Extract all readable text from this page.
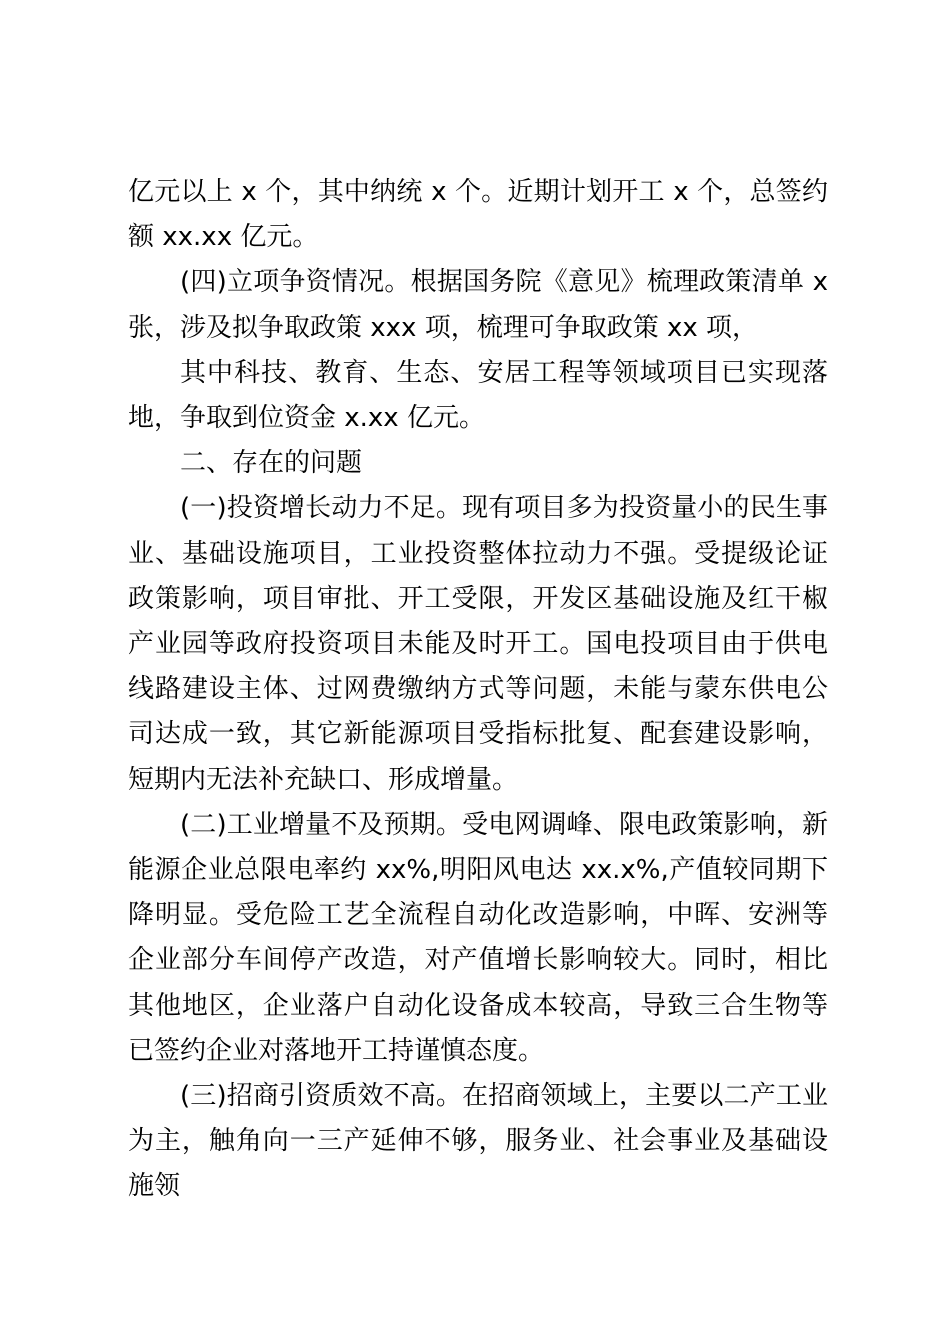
亿元以上 x 个，其中纳统 x 个。近期计划开工 x 个，总签约额 xx.xx 亿元。

(四)立项争资情况。根据国务院《意见》梳理政策清单 x 张，涉及拟争取政策 xxx 项，梳理可争取政策 xx 项，

其中科技、教育、生态、安居工程等领域项目已实现落地，争取到位资金 x.xx 亿元。

二、存在的问题

(一)投资增长动力不足。现有项目多为投资量小的民生事业、基础设施项目，工业投资整体拉动力不强。受提级论证政策影响，项目审批、开工受限，开发区基础设施及红干椒产业园等政府投资项目未能及时开工。国电投项目由于供电线路建设主体、过网费缴纳方式等问题，未能与蒙东供电公司达成一致，其它新能源项目受指标批复、配套建设影响，短期内无法补充缺口、形成增量。

(二)工业增量不及预期。受电网调峰、限电政策影响，新能源企业总限电率约 xx%,明阳风电达 xx.x%,产值较同期下降明显。受危险工艺全流程自动化改造影响，中晖、安洲等企业部分车间停产改造，对产值增长影响较大。同时，相比其他地区，企业落户自动化设备成本较高，导致三合生物等已签约企业对落地开工持谨慎态度。

(三)招商引资质效不高。在招商领域上，主要以二产工业为主，触角向一三产延伸不够，服务业、社会事业及基础设施领
